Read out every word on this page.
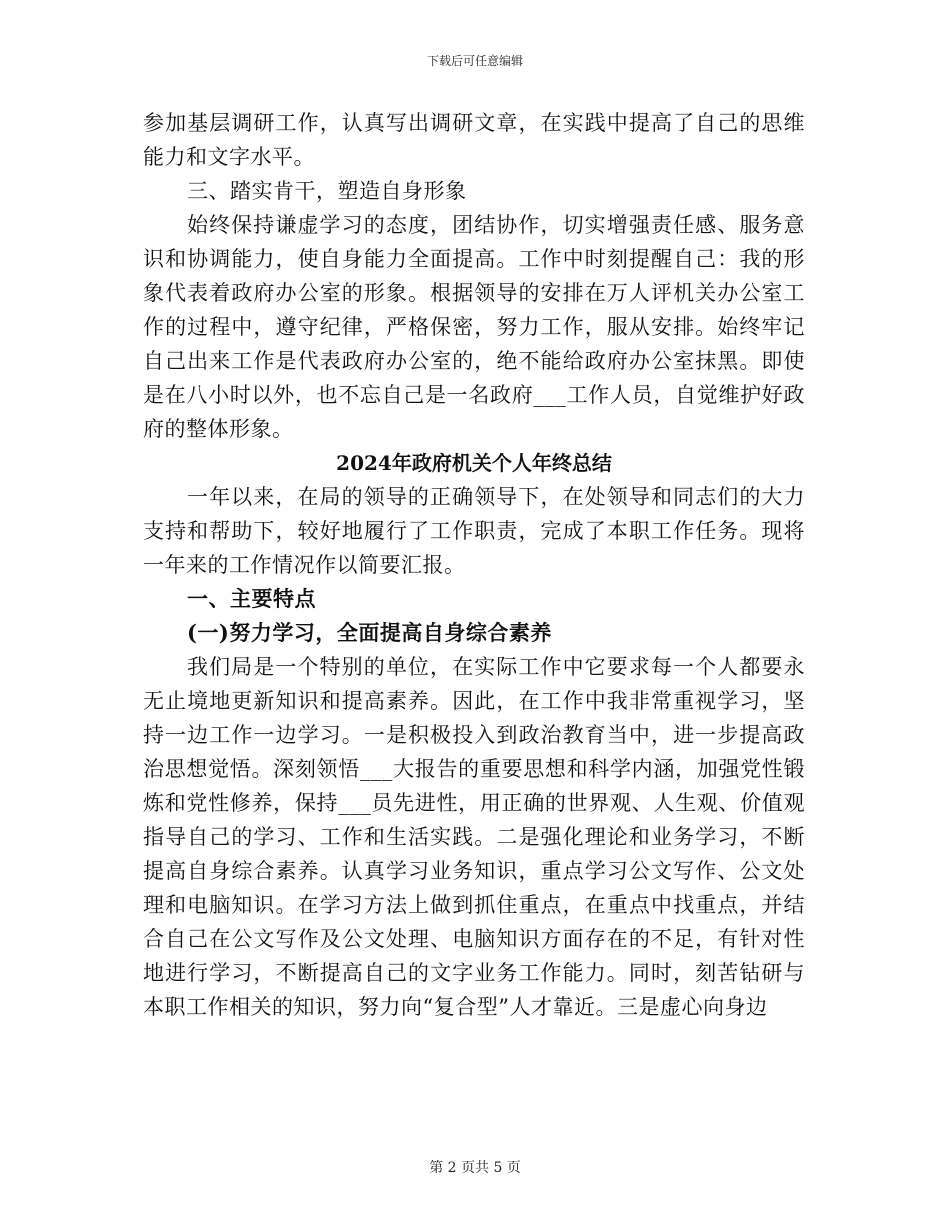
下载后可任意编辑

参加基层调研工作，认真写出调研文章，在实践中提高了自己的思维能力和文字水平。

三、踏实肯干，塑造自身形象

始终保持谦虚学习的态度，团结协作，切实增强责任感、服务意识和协调能力，使自身能力全面提高。工作中时刻提醒自己：我的形象代表着政府办公室的形象。根据领导的安排在万人评机关办公室工作的过程中，遵守纪律，严格保密，努力工作，服从安排。始终牢记自己出来工作是代表政府办公室的，绝不能给政府办公室抹黑。即使是在八小时以外，也不忘自己是一名政府___工作人员，自觉维护好政府的整体形象。

2024年政府机关个人年终总结

一年以来，在局的领导的正确领导下，在处领导和同志们的大力支持和帮助下，较好地履行了工作职责，完成了本职工作任务。现将一年来的工作情况作以简要汇报。

一、主要特点

(一)努力学习，全面提高自身综合素养

我们局是一个特别的单位，在实际工作中它要求每一个人都要永无止境地更新知识和提高素养。因此，在工作中我非常重视学习，坚持一边工作一边学习。一是积极投入到政治教育当中，进一步提高政治思想觉悟。深刻领悟___大报告的重要思想和科学内涵，加强党性锻炼和党性修养，保持___员先进性，用正确的世界观、人生观、价值观指导自己的学习、工作和生活实践。二是强化理论和业务学习，不断提高自身综合素养。认真学习业务知识，重点学习公文写作、公文处理和电脑知识。在学习方法上做到抓住重点，在重点中找重点，并结合自己在公文写作及公文处理、电脑知识方面存在的不足，有针对性地进行学习，不断提高自己的文字业务工作能力。同时，刻苦钻研与本职工作相关的知识，努力向“复合型”人才靠近。三是虚心向身边

第 2 页共 5 页
